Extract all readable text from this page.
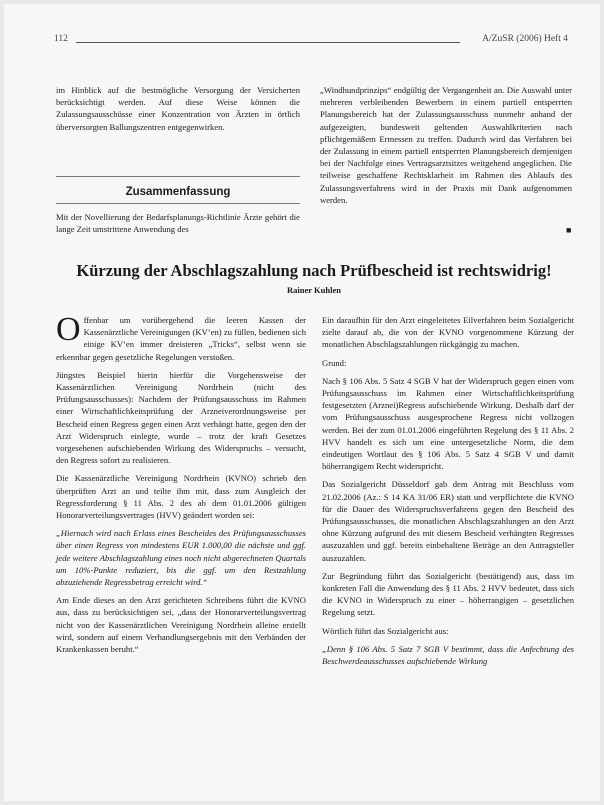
112	A/ZuSR (2006) Heft 4

im Hinblick auf die bestmögliche Versorgung der Versicherten berücksichtigt werden. Auf diese Weise können die Zulassungsausschüsse einer Konzentration von Ärzten in örtlich überversorgten Ballungszentren entgegenwirken.

„Windhundprinzips“ endgültig der Vergangenheit an. Die Auswahl unter mehreren verbleibenden Bewerbern in einem partiell entsperrten Planungsbereich hat der Zulassungsausschuss nunmehr anhand der aufgezeigten, bundesweit geltenden Auswahlkriterien nach pflichtgemäßem Ermessen zu treffen. Dadurch wird das Verfahren bei der Zulassung in einem partiell entsperrten Planungsbereich demjenigen bei der Nachfolge eines Vertragsarztsitzes weitgehend angeglichen. Die teilweise geschaffene Rechtsklarheit im Rahmen des Ablaufs des Zulassungsverfahrens wird in der Praxis mit Dank aufgenommen werden.

■
Zusammenfassung
Mit der Novellierung der Bedarfsplanungs-Richtlinie Ärzte gehört die lange Zeit umstrittene Anwendung des
Kürzung der Abschlagszahlung nach Prüfbescheid ist rechtswidrig!
Rainer Kuhlen

Offenbar um vorübergehend die leeren Kassen der Kassenärztliche Vereinigungen (KV’en) zu füllen, bedienen sich einige KV’en immer dreisteren „Tricks“, selbst wenn sie erkennbar gegen gesetzliche Regelungen verstoßen.

Jüngstes Beispiel hierin hierfür die Vorgehensweise der Kassenärztlichen Vereinigung Nordrhein (nicht des Prüfungsausschusses): Nachdem der Prüfungsausschuss im Rahmen einer Wirtschaftlichkeitsprüfung der Arzneiverordnungsweise per Bescheid einen Regress gegen einen Arzt verhängt hatte, gegen den der Arzt Widerspruch einlegte, wurde – trotz der kraft Gesetzes vorgesehenen aufschiebenden Wirkung des Widerspruchs – versucht, den Regress sofort zu realisieren.

Die Kassenärztliche Vereinigung Nordrhein (KVNO) schrieb den überprüften Arzt an und teilte ihm mit, dass zum Ausgleich der Regressforderung § 11 Abs. 2 des ab dem 01.01.2006 gültigen Honorarverteilungsvertrages (HVV) geändert worden sei:

„Hiernach wird nach Erlass eines Bescheides des Prüfungsausschusses über einen Regress von mindestens EUR 1.000,00 die nächste und ggf. jede weitere Abschlagszahlung eines noch nicht abgerechneten Quartals um 10%-Punkte reduziert, bis die ggf. um den Restzahlung abzuziehende Regressbetrag erreicht wird.“

Am Ende dieses an den Arzt gerichteten Schreibens führt die KVNO aus, dass zu berücksichtigen sei, „dass der Honorarverteilungsvertrag nicht von der Kassenärztlichen Vereinigung Nordrhein alleine erstellt wird, sondern auf einem Verhandlungsergebnis mit den Verbänden der Krankenkassen beruht.“

Ein daraufhin für den Arzt eingeleitetes Eilverfahren beim Sozialgericht zielte darauf ab, die von der KVNO vorgenommene Kürzung der monatlichen Abschlagszahlungen rückgängig zu machen.

Grund:

Nach § 106 Abs. 5 Satz 4 SGB V hat der Widerspruch gegen einen vom Prüfungsausschuss im Rahmen einer Wirtschaftlichkeitsprüfung festgesetzten (Arznei)Regress aufschiebende Wirkung. Deshalb darf der vom Prüfungsausschuss ausgesprochene Regress nicht vollzogen werden. Bei der zum 01.01.2006 eingeführten Regelung des § 11 Abs. 2 HVV handelt es sich um eine untergesetzliche Norm, die dem eindeutigen Wortlaut des § 106 Abs. 5 Satz 4 SGB V und damit höherrangigem Recht widerspricht.

Das Sozialgericht Düsseldorf gab dem Antrag mit Beschluss vom 21.02.2006 (Az.: S 14 KA 31/06 ER) statt und verpflichtete die KVNO für die Dauer des Widerspruchsverfahrens gegen den Bescheid des Prüfungsausschusses, die monatlichen Abschlagszahlungen an den Arzt ohne Kürzung aufgrund des mit diesem Bescheid verhängten Regresses auszuzahlen und ggf. bereits einbehaltene Beträge an den Antragsteller auszuzahlen.

Zur Begründung führt das Sozialgericht (bestätigend) aus, dass im konkreten Fall die Anwendung des § 11 Abs. 2 HVV bedeutet, dass sich die KVNO in Widerspruch zu einer – höherrangigen – gesetzlichen Regelung setzt.

Wörtlich führt das Sozialgericht aus:

„Denn § 106 Abs. 5 Satz 7 SGB V bestimmt, dass die Anfechtung des Beschwerdeausschusses aufschiebende Wirkung
